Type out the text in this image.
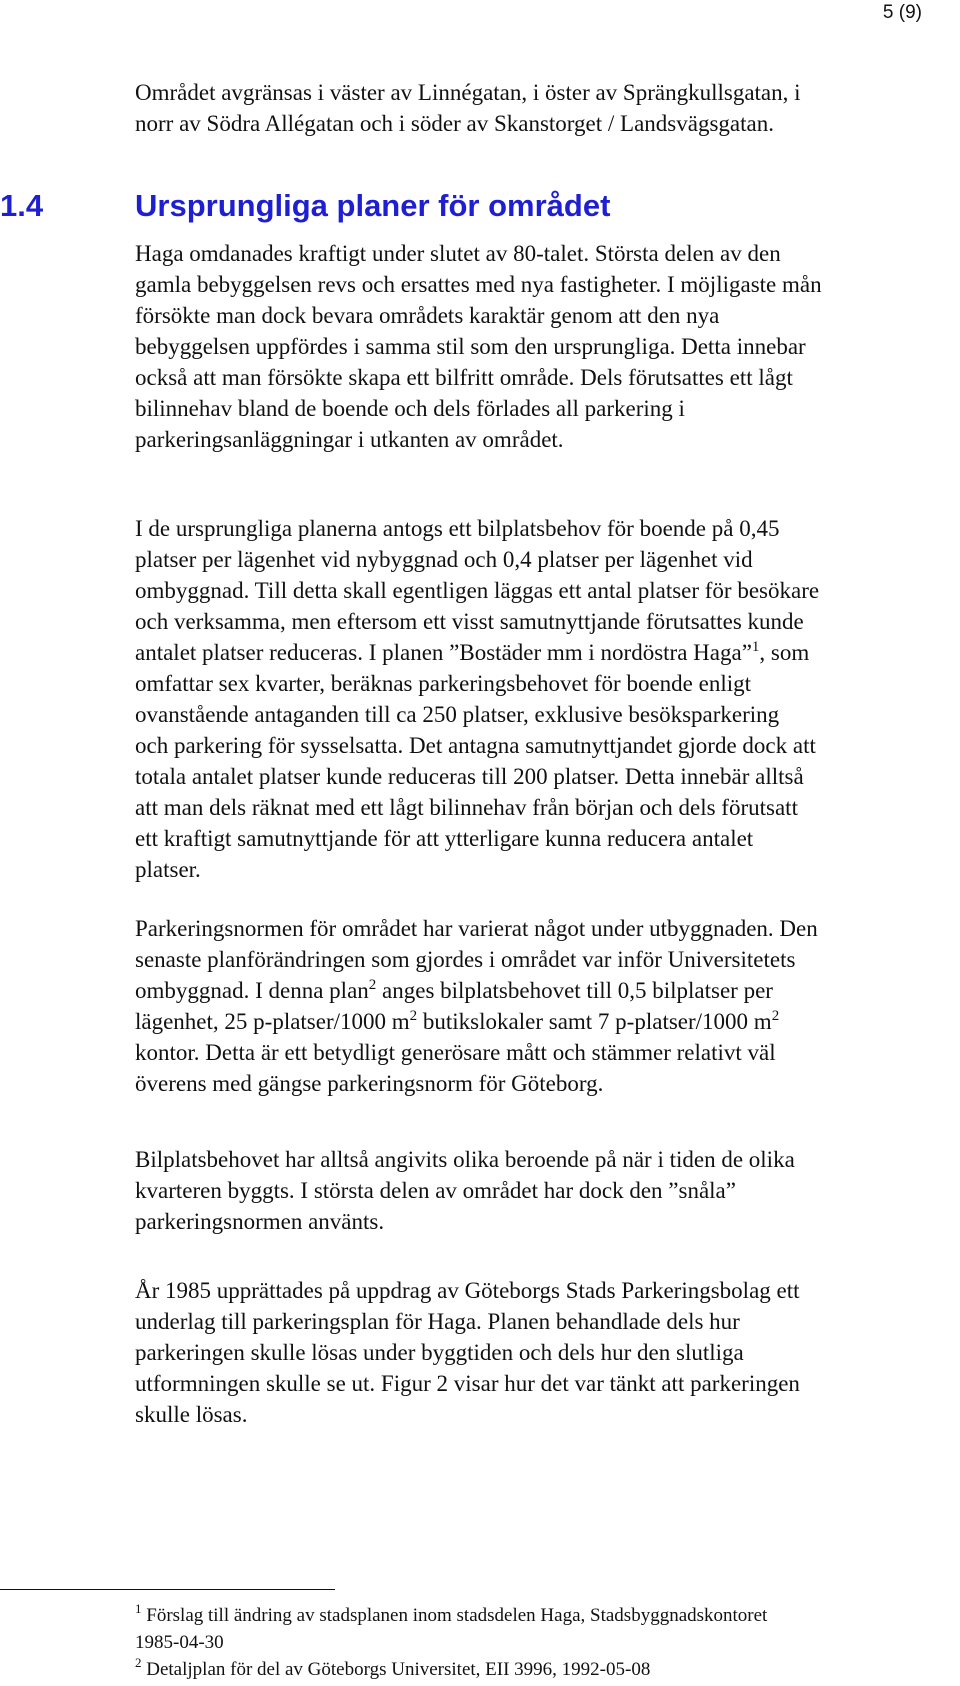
5 (9)

Området avgränsas i väster av Linnégatan, i öster av Sprängkullsgatan, i
norr av Södra Allégatan och i söder av Skanstorget / Landsvägsgatan.

1.4	Ursprungliga planer för området

Haga omdanades kraftigt under slutet av 80-talet. Största delen av den
gamla bebyggelsen revs och ersattes med nya fastigheter. I möjligaste mån
försökte man dock bevara områdets karaktär genom att den nya
bebyggelsen uppfördes i samma stil som den ursprungliga. Detta innebar
också att man försökte skapa ett bilfritt område. Dels förutsattes ett lågt
bilinnehav bland de boende och dels förlades all parkering i
parkeringsanläggningar i utkanten av området.

I de ursprungliga planerna antogs ett bilplatsbehov för boende på 0,45
platser per lägenhet vid nybyggnad och 0,4 platser per lägenhet vid
ombyggnad. Till detta skall egentligen läggas ett antal platser för besökare
och verksamma, men eftersom ett visst samutnyttjande förutsattes kunde
antalet platser reduceras. I planen ”Bostäder mm i nordöstra Haga”$^1$, som
omfattar sex kvarter, beräknas parkeringsbehovet för boende enligt
ovanstående antaganden till ca 250 platser, exklusive besöksparkering
och parkering för sysselsatta. Det antagna samutnyttjandet gjorde dock att
totala antalet platser kunde reduceras till 200 platser. Detta innebär alltså
att man dels räknat med ett lågt bilinnehav från början och dels förutsatt
ett kraftigt samutnyttjande för att ytterligare kunna reducera antalet
platser.

Parkeringsnormen för området har varierat något under utbyggnaden. Den
senaste planförändringen som gjordes i området var inför Universitetets
ombyggnad. I denna plan$^2$ anges bilplatsbehovet till 0,5 bilplatser per
lägenhet, 25 p-platser/1000 $m^2$ butikslokaler samt 7 p-platser/1000 $m^2$
kontor. Detta är ett betydligt generösare mått och stämmer relativt väl
överens med gängse parkeringsnorm för Göteborg.

Bilplatsbehovet har alltså angivits olika beroende på när i tiden de olika
kvarteren byggts. I största delen av området har dock den ”snåla”
parkeringsnormen använts.

År 1985 upprättades på uppdrag av Göteborgs Stads Parkeringsbolag ett
underlag till parkeringsplan för Haga. Planen behandlade dels hur
parkeringen skulle lösas under byggtiden och dels hur den slutliga
utformningen skulle se ut. Figur 2 visar hur det var tänkt att parkeringen
skulle lösas.

$^1$ Förslag till ändring av stadsplanen inom stadsdelen Haga, Stadsbyggnadskontoret
1985-04-30
$^2$ Detaljplan för del av Göteborgs Universitet, EII 3996, 1992-05-08
